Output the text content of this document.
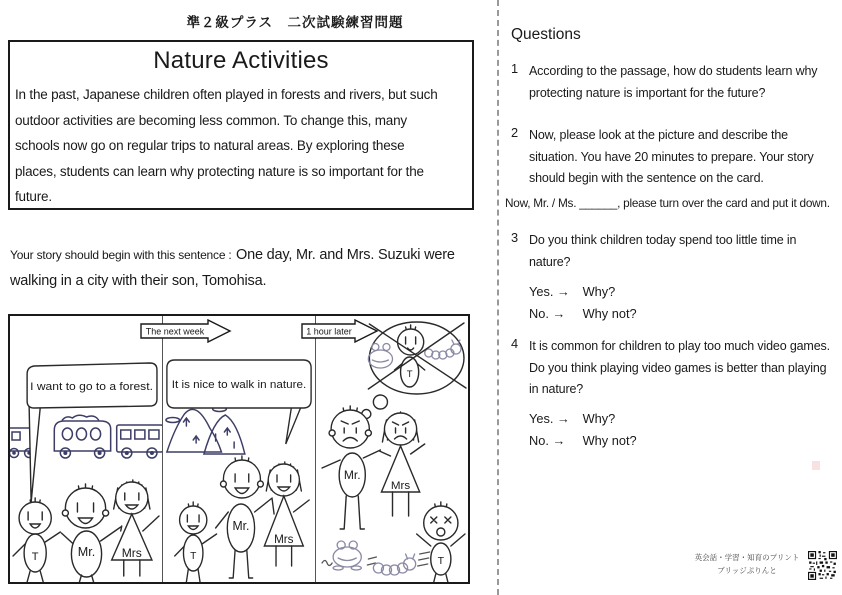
準２級プラス　二次試験練習問題
Nature Activities
In the past, Japanese children often played in forests and rivers, but such
outdoor activities are becoming less common. To change this, many
schools now go on regular trips to natural areas. By exploring these
places, students can learn why protecting nature is so important for the
future.
Your story should begin with this sentence : One day, Mr. and Mrs. Suzuki were
walking in a city with their son, Tomohisa.
I want to go to a forest.
T	Mr. Mrs
It is nice to walk in nature.
T
Mr.
Mrs
T
Mr.
Mrs
T
The next week	1 hour later
Questions
1 According to the passage, how do students learn why
protecting nature is important for the future?
2 Now, please look at the picture and describe the
situation. You have 20 minutes to prepare. Your story
should begin with the sentence on the card.
Now, Mr. / Ms. ______, please turn over the card and put it down.
3 Do you think children today spend too little time in
nature?
Yes. → Why?
No. → Why not?
4 It is common for children to play too much video games.
Do you think playing video games is better than playing
in nature?
Yes. → Why?
No. → Why not?
英会話・学習・知育のプリント
ブリッジぷりんと
